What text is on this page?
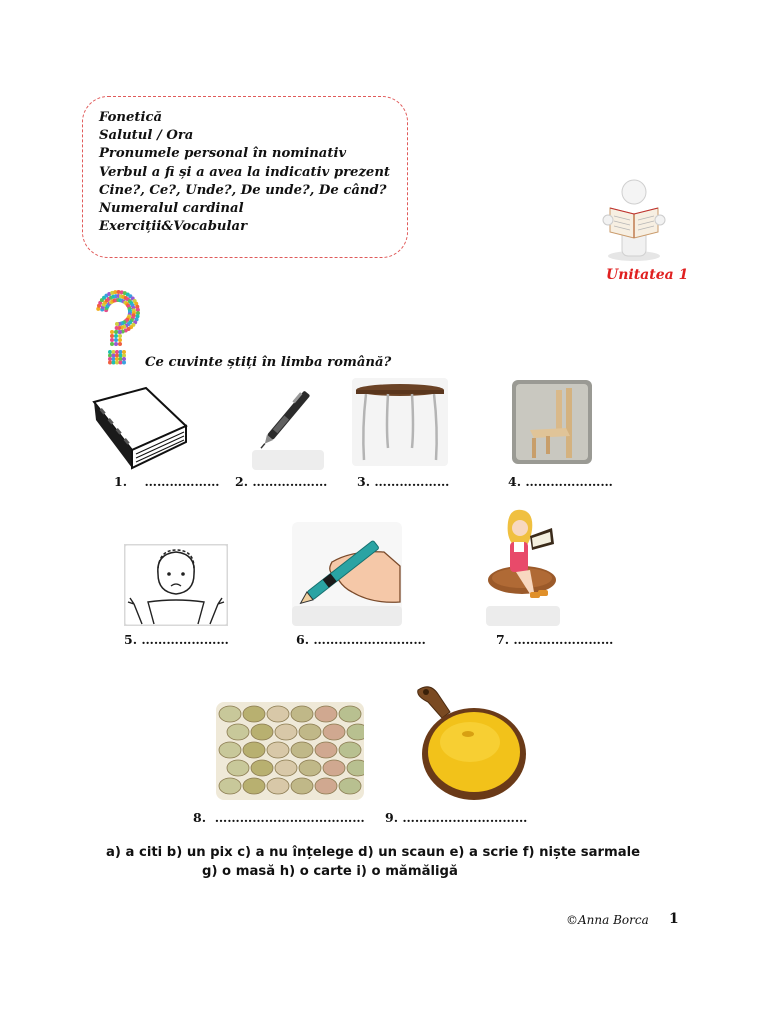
Fonetică
Salutul / Ora
Pronumele personal în nominativ
Verbul a fi și a avea la indicativ prezent
Cine?, Ce?, Unde?, De unde?, De când?
Numeralul cardinal
Exerciții&Vocabular
Unitatea 1
Ce cuvinte știți în limba română?
1. ……………… 2. ……………… 3. ………………	4. …………………
5. …………………	6. ………………………	7. ……………………
8. ……………………………… 9. …………………………
a) a citi b) un pix c) a nu înțelege d) un scaun e) a scrie f) niște sarmale
g) o masă h) o carte i) o mămăligă
©Anna Borca 1
